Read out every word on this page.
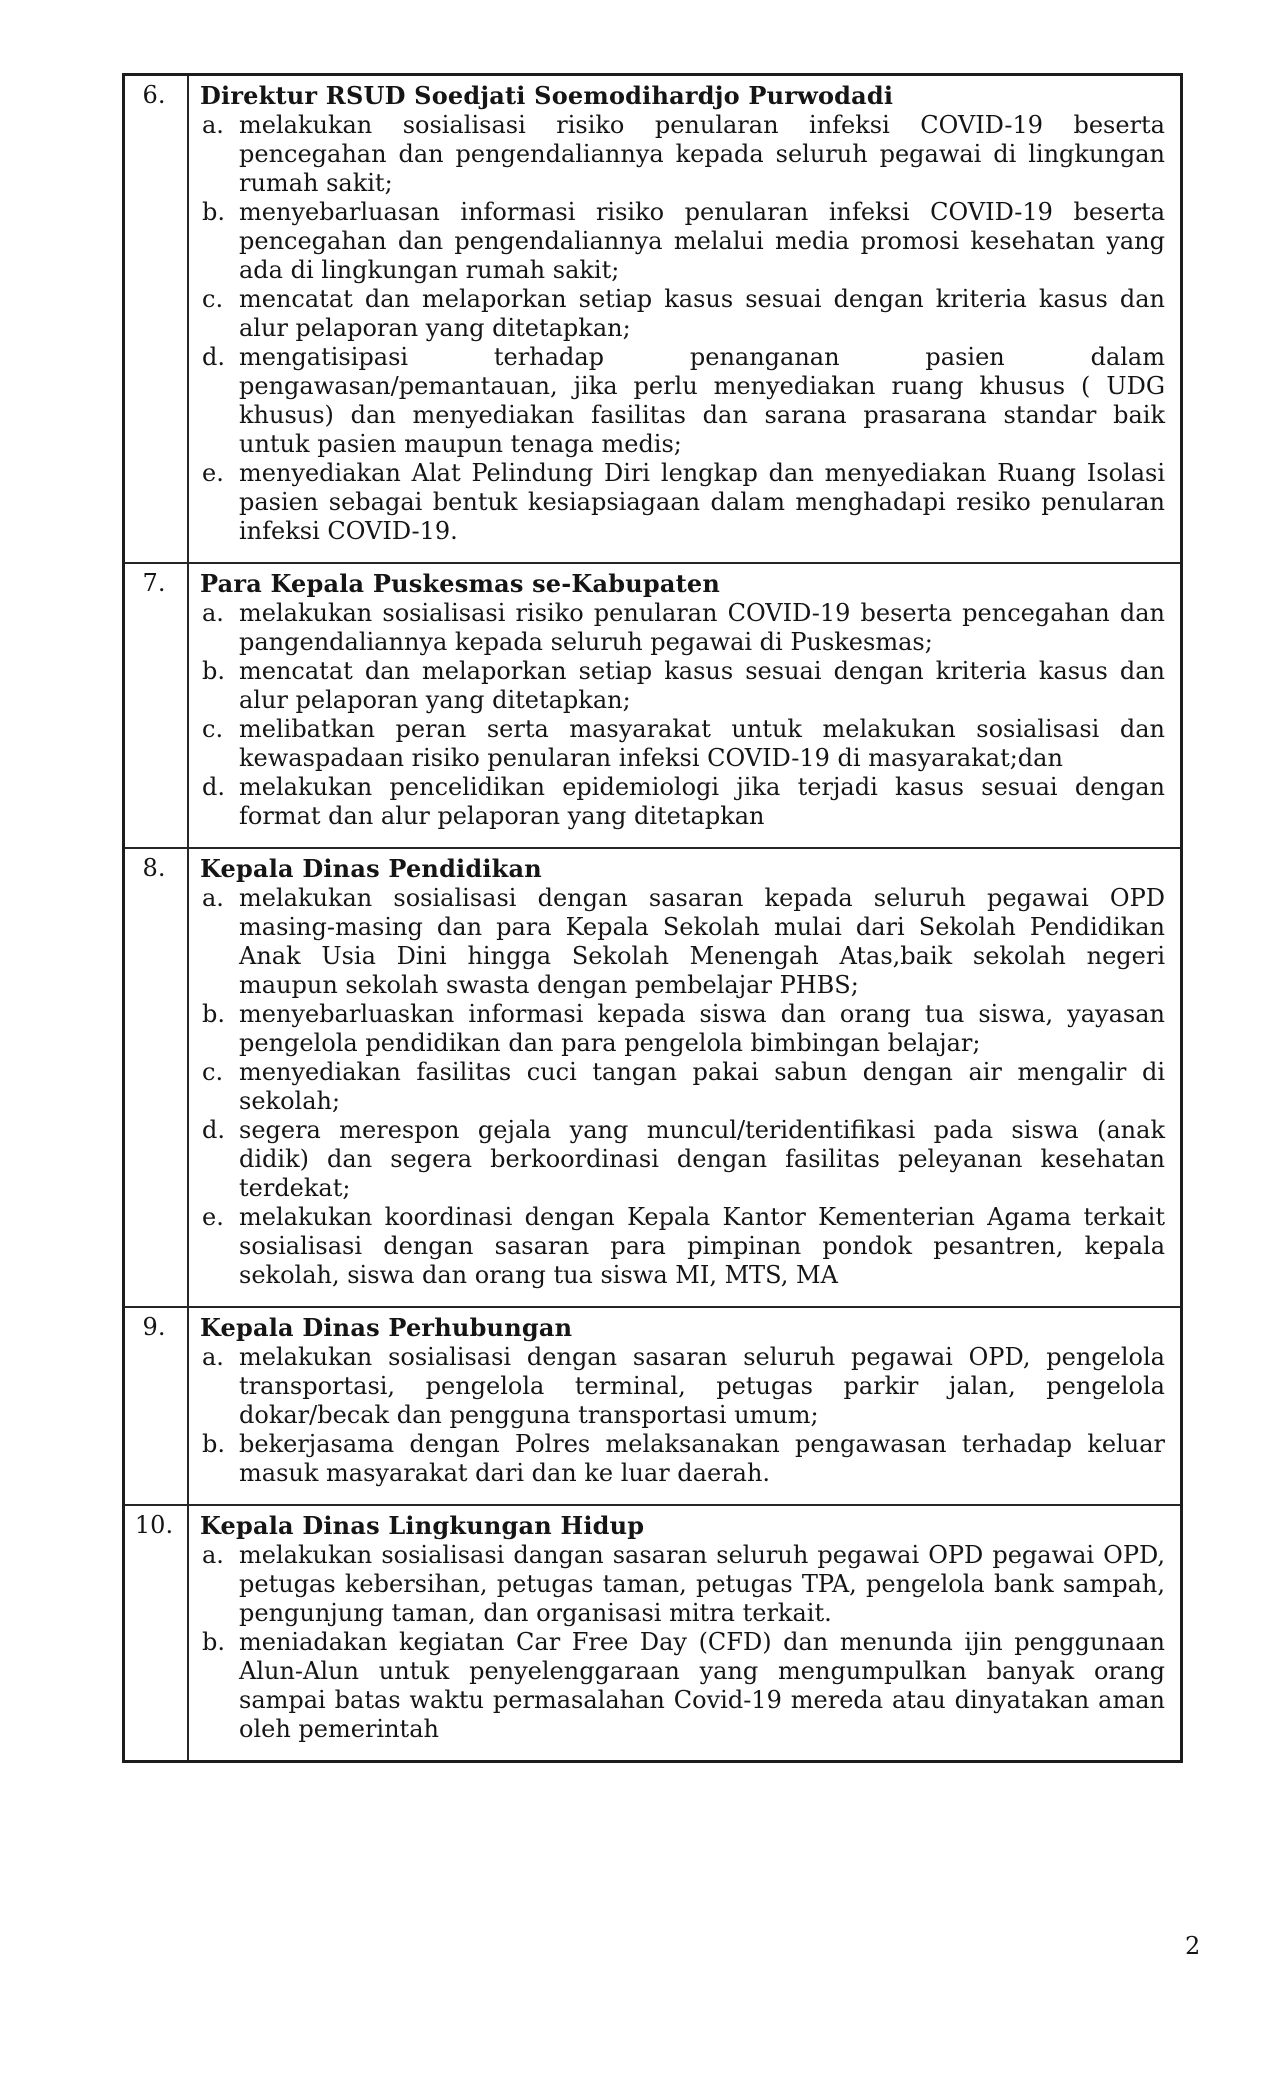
6.	Direktur RSUD Soedjati Soemodihardjo Purwodadi
a. melakukan sosialisasi risiko penularan infeksi COVID-19 beserta pencegahan dan pengendaliannya kepada seluruh pegawai di lingkungan rumah sakit;
b. menyebarluasan informasi risiko penularan infeksi COVID-19 beserta pencegahan dan pengendaliannya melalui media promosi kesehatan yang ada di lingkungan rumah sakit;
c. mencatat dan melaporkan setiap kasus sesuai dengan kriteria kasus dan alur pelaporan yang ditetapkan;
d. mengatisipasi terhadap penanganan pasien dalam pengawasan/pemantauan, jika perlu menyediakan ruang khusus ( UDG khusus) dan menyediakan fasilitas dan sarana prasarana standar baik untuk pasien maupun tenaga medis;
e. menyediakan Alat Pelindung Diri lengkap dan menyediakan Ruang Isolasi pasien sebagai bentuk kesiapsiagaan dalam menghadapi resiko penularan infeksi COVID-19.

7.	Para Kepala Puskesmas se-Kabupaten
a. melakukan sosialisasi risiko penularan COVID-19 beserta pencegahan dan pangendaliannya kepada seluruh pegawai di Puskesmas;
b. mencatat dan melaporkan setiap kasus sesuai dengan kriteria kasus dan alur pelaporan yang ditetapkan;
c. melibatkan peran serta masyarakat untuk melakukan sosialisasi dan kewaspadaan risiko penularan infeksi COVID-19 di masyarakat;dan
d. melakukan pencelidikan epidemiologi jika terjadi kasus sesuai dengan format dan alur pelaporan yang ditetapkan

8.	Kepala Dinas Pendidikan
a. melakukan sosialisasi dengan sasaran kepada seluruh pegawai OPD masing-masing dan para Kepala Sekolah mulai dari Sekolah Pendidikan Anak Usia Dini hingga Sekolah Menengah Atas,baik sekolah negeri maupun sekolah swasta dengan pembelajar PHBS;
b. menyebarluaskan informasi kepada siswa dan orang tua siswa, yayasan pengelola pendidikan dan para pengelola bimbingan belajar;
c. menyediakan fasilitas cuci tangan pakai sabun dengan air mengalir di sekolah;
d. segera merespon gejala yang muncul/teridentifikasi pada siswa (anak didik) dan segera berkoordinasi dengan fasilitas peleyanan kesehatan terdekat;
e. melakukan koordinasi dengan Kepala Kantor Kementerian Agama terkait sosialisasi dengan sasaran para pimpinan pondok pesantren, kepala sekolah, siswa dan orang tua siswa MI, MTS, MA

9.	Kepala Dinas Perhubungan
a. melakukan sosialisasi dengan sasaran seluruh pegawai OPD, pengelola transportasi, pengelola terminal, petugas parkir jalan, pengelola dokar/becak dan pengguna transportasi umum;
b. bekerjasama dengan Polres melaksanakan pengawasan terhadap keluar masuk masyarakat dari dan ke luar daerah.

10.	Kepala Dinas Lingkungan Hidup
a. melakukan sosialisasi dangan sasaran seluruh pegawai OPD pegawai OPD, petugas kebersihan, petugas taman, petugas TPA, pengelola bank sampah, pengunjung taman, dan organisasi mitra terkait.
b. meniadakan kegiatan Car Free Day (CFD) dan menunda ijin penggunaan Alun-Alun untuk penyelenggaraan yang mengumpulkan banyak orang sampai batas waktu permasalahan Covid-19 mereda atau dinyatakan aman oleh pemerintah
2
